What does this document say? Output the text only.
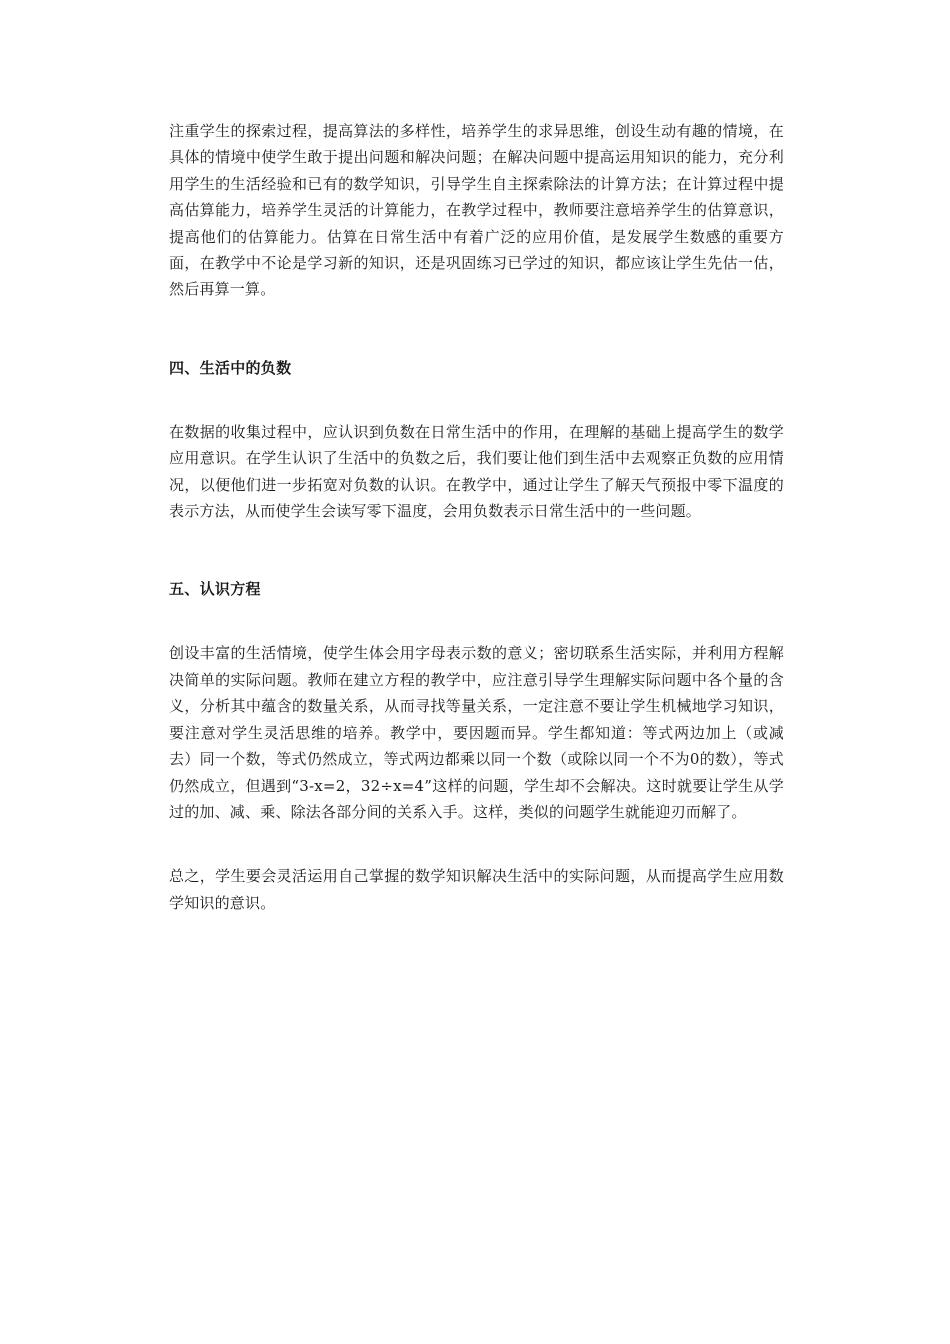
注重学生的探索过程，提高算法的多样性，培养学生的求异思维，创设生动有趣的情境，在具体的情境中使学生敢于提出问题和解决问题；在解决问题中提高运用知识的能力，充分利用学生的生活经验和已有的数学知识，引导学生自主探索除法的计算方法；在计算过程中提高估算能力，培养学生灵活的计算能力，在教学过程中，教师要注意培养学生的估算意识，提高他们的估算能力。估算在日常生活中有着广泛的应用价值，是发展学生数感的重要方面，在教学中不论是学习新的知识，还是巩固练习已学过的知识，都应该让学生先估一估，然后再算一算。

四、生活中的负数

在数据的收集过程中，应认识到负数在日常生活中的作用，在理解的基础上提高学生的数学应用意识。在学生认识了生活中的负数之后，我们要让他们到生活中去观察正负数的应用情况，以便他们进一步拓宽对负数的认识。在教学中，通过让学生了解天气预报中零下温度的表示方法，从而使学生会读写零下温度，会用负数表示日常生活中的一些问题。

五、认识方程

创设丰富的生活情境，使学生体会用字母表示数的意义；密切联系生活实际，并利用方程解决简单的实际问题。教师在建立方程的教学中，应注意引导学生理解实际问题中各个量的含义，分析其中蕴含的数量关系，从而寻找等量关系，一定注意不要让学生机械地学习知识，要注意对学生灵活思维的培养。教学中，要因题而异。学生都知道：等式两边加上（或减去）同一个数，等式仍然成立，等式两边都乘以同一个数（或除以同一个不为0的数），等式仍然成立，但遇到“3-x=2，32÷x=4”这样的问题，学生却不会解决。这时就要让学生从学过的加、减、乘、除法各部分间的关系入手。这样，类似的问题学生就能迎刃而解了。

总之，学生要会灵活运用自己掌握的数学知识解决生活中的实际问题，从而提高学生应用数学知识的意识。
